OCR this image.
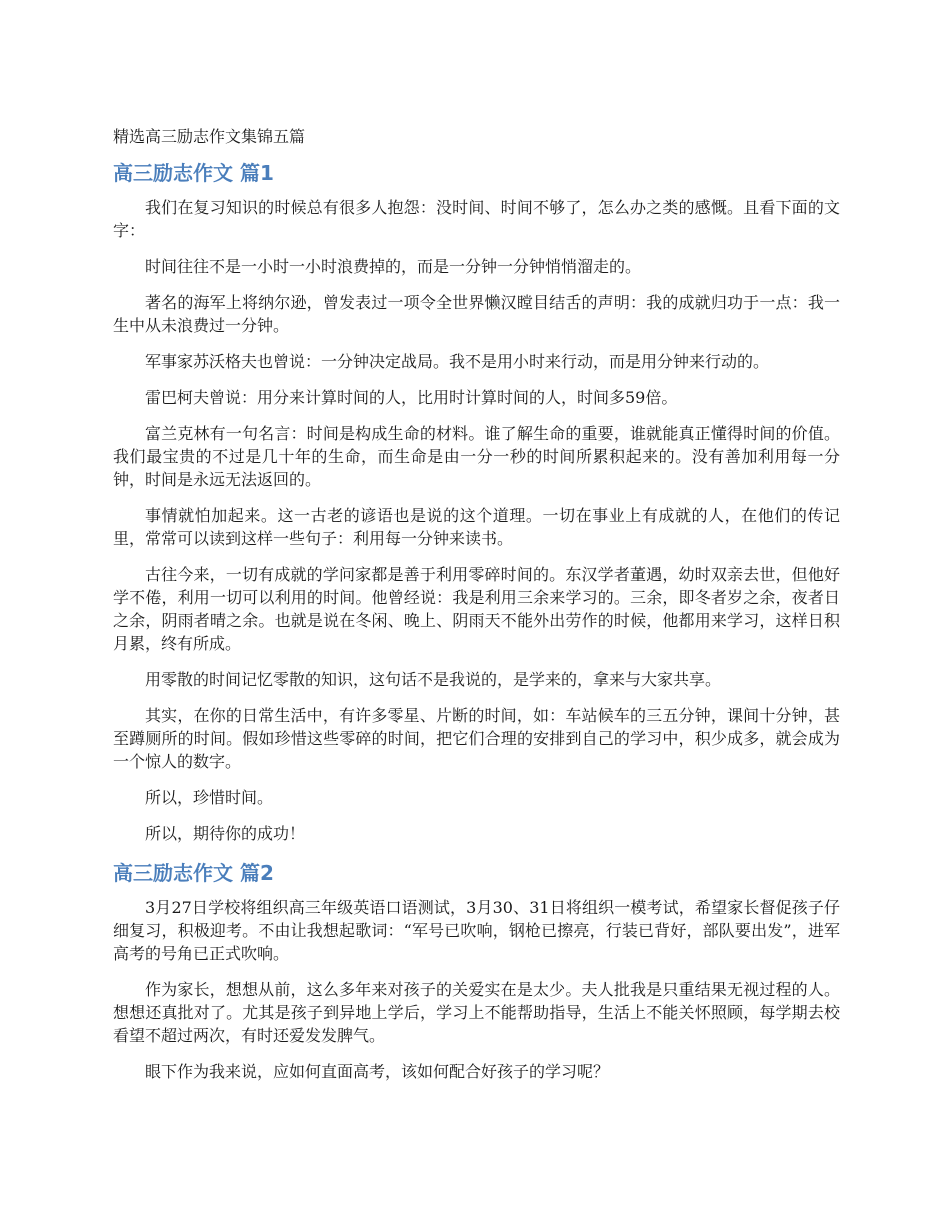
精选高三励志作文集锦五篇
高三励志作文 篇1

我们在复习知识的时候总有很多人抱怨：没时间、时间不够了，怎么办之类的感慨。且看下面的文字：

时间往往不是一小时一小时浪费掉的，而是一分钟一分钟悄悄溜走的。

著名的海军上将纳尔逊，曾发表过一项令全世界懒汉瞠目结舌的声明：我的成就归功于一点：我一生中从未浪费过一分钟。

军事家苏沃格夫也曾说：一分钟决定战局。我不是用小时来行动，而是用分钟来行动的。

雷巴柯夫曾说：用分来计算时间的人，比用时计算时间的人，时间多59倍。

富兰克林有一句名言：时间是构成生命的材料。谁了解生命的重要，谁就能真正懂得时间的价值。我们最宝贵的不过是几十年的生命，而生命是由一分一秒的时间所累积起来的。没有善加利用每一分钟，时间是永远无法返回的。

事情就怕加起来。这一古老的谚语也是说的这个道理。一切在事业上有成就的人，在他们的传记里，常常可以读到这样一些句子：利用每一分钟来读书。

古往今来，一切有成就的学问家都是善于利用零碎时间的。东汉学者董遇，幼时双亲去世，但他好学不倦，利用一切可以利用的时间。他曾经说：我是利用三余来学习的。三余，即冬者岁之余，夜者日之余，阴雨者晴之余。也就是说在冬闲、晚上、阴雨天不能外出劳作的时候，他都用来学习，这样日积月累，终有所成。

用零散的时间记忆零散的知识，这句话不是我说的，是学来的，拿来与大家共享。

其实，在你的日常生活中，有许多零星、片断的时间，如：车站候车的三五分钟，课间十分钟，甚至蹲厕所的时间。假如珍惜这些零碎的时间，把它们合理的安排到自己的学习中，积少成多，就会成为一个惊人的数字。

所以，珍惜时间。

所以，期待你的成功！

高三励志作文 篇2

3月27日学校将组织高三年级英语口语测试，3月30、31日将组织一模考试，希望家长督促孩子仔细复习，积极迎考。不由让我想起歌词：“军号已吹响，钢枪已擦亮，行装已背好，部队要出发”，进军高考的号角已正式吹响。

作为家长，想想从前，这么多年来对孩子的关爱实在是太少。夫人批我是只重结果无视过程的人。想想还真批对了。尤其是孩子到异地上学后，学习上不能帮助指导，生活上不能关怀照顾，每学期去校看望不超过两次，有时还爱发发脾气。

眼下作为我来说，应如何直面高考，该如何配合好孩子的学习呢？
